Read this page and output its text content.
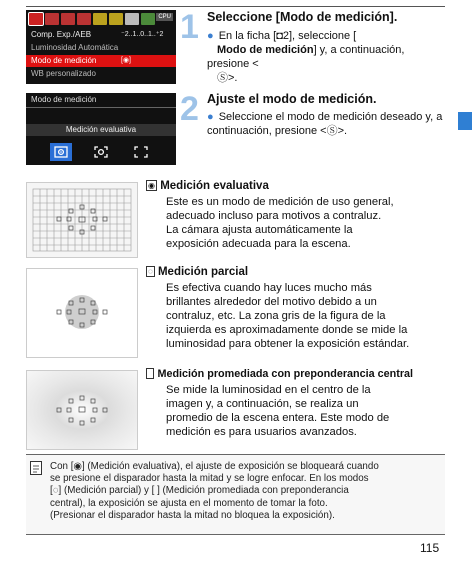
CPU
Comp. Exp./AEB	⁻2..1..0..1..⁺2
Luminosidad Automática
Modo de medición	[◉]
WB personalizado
Modo de medición
Medición evaluativa
1 Seleccione [Modo de medición].
● En la ficha [◘2], seleccione [
Modo de medición] y, a continuación, presione <
Ⓢ>.
2 Ajuste el modo de medición.
● Seleccione el modo de medición deseado y, a continuación, presione <Ⓢ>.
◉ Medición evaluativa
Este es un modo de medición de uso general,
adecuado incluso para motivos a contraluz.
La cámara ajusta automáticamente la
exposición adecuada para la escena.
◌ Medición parcial
Es efectiva cuando hay luces mucho más
brillantes alrededor del motivo debido a un
contraluz, etc. La zona gris de la figura de la
izquierda es aproximadamente donde se mide la
luminosidad para obtener la exposición estándar.
​   Medición promediada con preponderancia central
Se mide la luminosidad en el centro de la
imagen y, a continuación, se realiza un
promedio de la escena entera. Este modo de
medición es para usuarios avanzados.
Con [◉] (Medición evaluativa), el ajuste de exposición se bloqueará cuando
se presione el disparador hasta la mitad y se logre enfocar. En los modos
[◌] (Medición parcial) y [ ] (Medición promediada con preponderancia
central), la exposición se ajusta en el momento de tomar la foto.
(Presionar el disparador hasta la mitad no bloquea la exposición).
115
